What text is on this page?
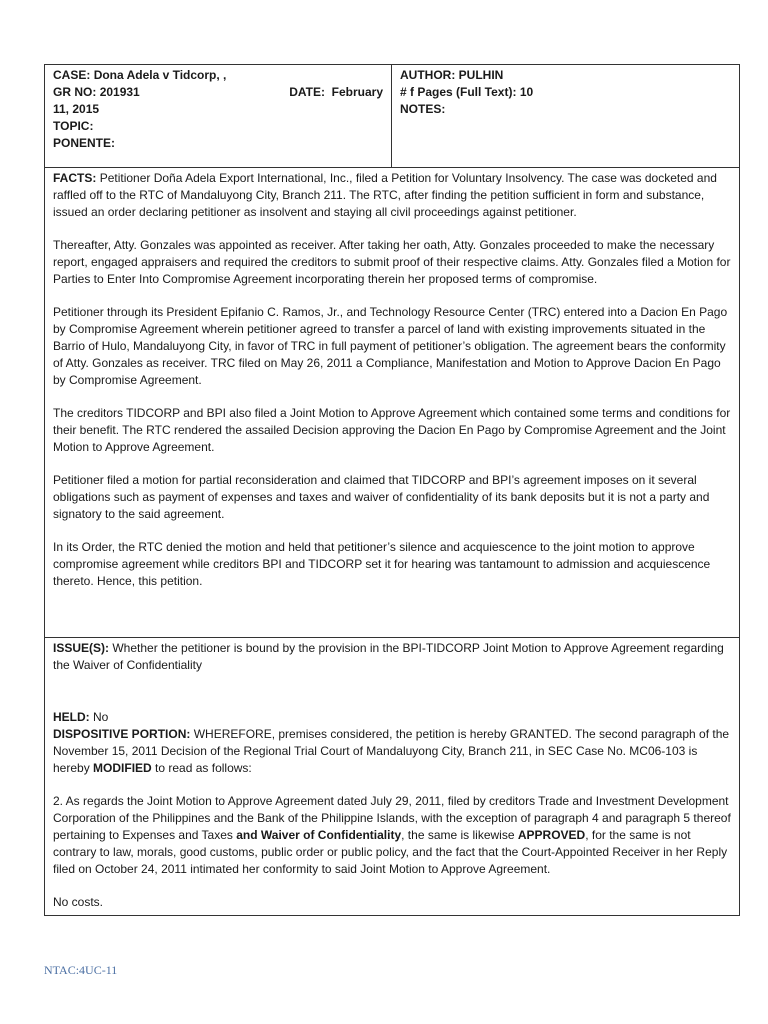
CASE: Dona Adela v Tidcorp, ,
GR NO: 201931	DATE: February
11, 2015
TOPIC:
PONENTE:
AUTHOR: PULHIN
# f Pages (Full Text): 10
NOTES:

FACTS: Petitioner Doña Adela Export International, Inc., filed a Petition for Voluntary Insolvency. The case was docketed and raffled off to the RTC of Mandaluyong City, Branch 211. The RTC, after finding the petition sufficient in form and substance, issued an order declaring petitioner as insolvent and staying all civil proceedings against petitioner.

Thereafter, Atty. Gonzales was appointed as receiver. After taking her oath, Atty. Gonzales proceeded to make the necessary report, engaged appraisers and required the creditors to submit proof of their respective claims. Atty. Gonzales filed a Motion for Parties to Enter Into Compromise Agreement incorporating therein her proposed terms of compromise.

Petitioner through its President Epifanio C. Ramos, Jr., and Technology Resource Center (TRC) entered into a Dacion En Pago by Compromise Agreement wherein petitioner agreed to transfer a parcel of land with existing improvements situated in the Barrio of Hulo, Mandaluyong City, in favor of TRC in full payment of petitioner’s obligation. The agreement bears the conformity of Atty. Gonzales as receiver. TRC filed on May 26, 2011 a Compliance, Manifestation and Motion to Approve Dacion En Pago by Compromise Agreement.

The creditors TIDCORP and BPI also filed a Joint Motion to Approve Agreement which contained some terms and conditions for their benefit. The RTC rendered the assailed Decision approving the Dacion En Pago by Compromise Agreement and the Joint Motion to Approve Agreement.

Petitioner filed a motion for partial reconsideration and claimed that TIDCORP and BPI’s agreement imposes on it several obligations such as payment of expenses and taxes and waiver of confidentiality of its bank deposits but it is not a party and signatory to the said agreement.

In its Order, the RTC denied the motion and held that petitioner’s silence and acquiescence to the joint motion to approve compromise agreement while creditors BPI and TIDCORP set it for hearing was tantamount to admission and acquiescence thereto. Hence, this petition.

ISSUE(S): Whether the petitioner is bound by the provision in the BPI-TIDCORP Joint Motion to Approve Agreement regarding the Waiver of Confidentiality
HELD: No

DISPOSITIVE PORTION: WHEREFORE, premises considered, the petition is hereby GRANTED. The second paragraph of the November 15, 2011 Decision of the Regional Trial Court of Mandaluyong City, Branch 211, in SEC Case No. MC06-103 is hereby MODIFIED to read as follows:

2. As regards the Joint Motion to Approve Agreement dated July 29, 2011, filed by creditors Trade and Investment Development Corporation of the Philippines and the Bank of the Philippine Islands, with the exception of paragraph 4 and paragraph 5 thereof pertaining to Expenses and Taxes and Waiver of Confidentiality, the same is likewise APPROVED, for the same is not contrary to law, morals, good customs, public order or public policy, and the fact that the Court-Appointed Receiver in her Reply filed on October 24, 2011 intimated her conformity to said Joint Motion to Approve Agreement.

No costs.
NTAC:4UC-11
